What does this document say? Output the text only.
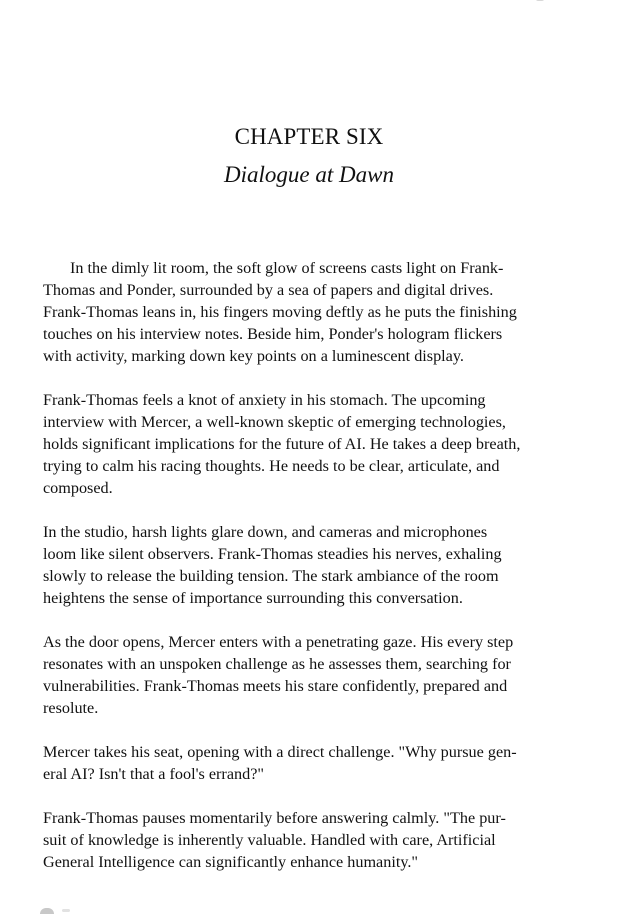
CHAPTER SIX
Dialogue at Dawn

In the dimly lit room, the soft glow of screens casts light on Frank-
Thomas and Ponder, surrounded by a sea of papers and digital drives.
Frank-Thomas leans in, his fingers moving deftly as he puts the finishing
touches on his interview notes. Beside him, Ponder's hologram flickers
with activity, marking down key points on a luminescent display.

Frank-Thomas feels a knot of anxiety in his stomach. The upcoming
interview with Mercer, a well-known skeptic of emerging technologies,
holds significant implications for the future of AI. He takes a deep breath,
trying to calm his racing thoughts. He needs to be clear, articulate, and
composed.

In the studio, harsh lights glare down, and cameras and microphones
loom like silent observers. Frank-Thomas steadies his nerves, exhaling
slowly to release the building tension. The stark ambiance of the room
heightens the sense of importance surrounding this conversation.

As the door opens, Mercer enters with a penetrating gaze. His every step
resonates with an unspoken challenge as he assesses them, searching for
vulnerabilities. Frank-Thomas meets his stare confidently, prepared and
resolute.

Mercer takes his seat, opening with a direct challenge. "Why pursue gen-
eral AI? Isn't that a fool's errand?"

Frank-Thomas pauses momentarily before answering calmly. "The pur-
suit of knowledge is inherently valuable. Handled with care, Artificial
General Intelligence can significantly enhance humanity."
